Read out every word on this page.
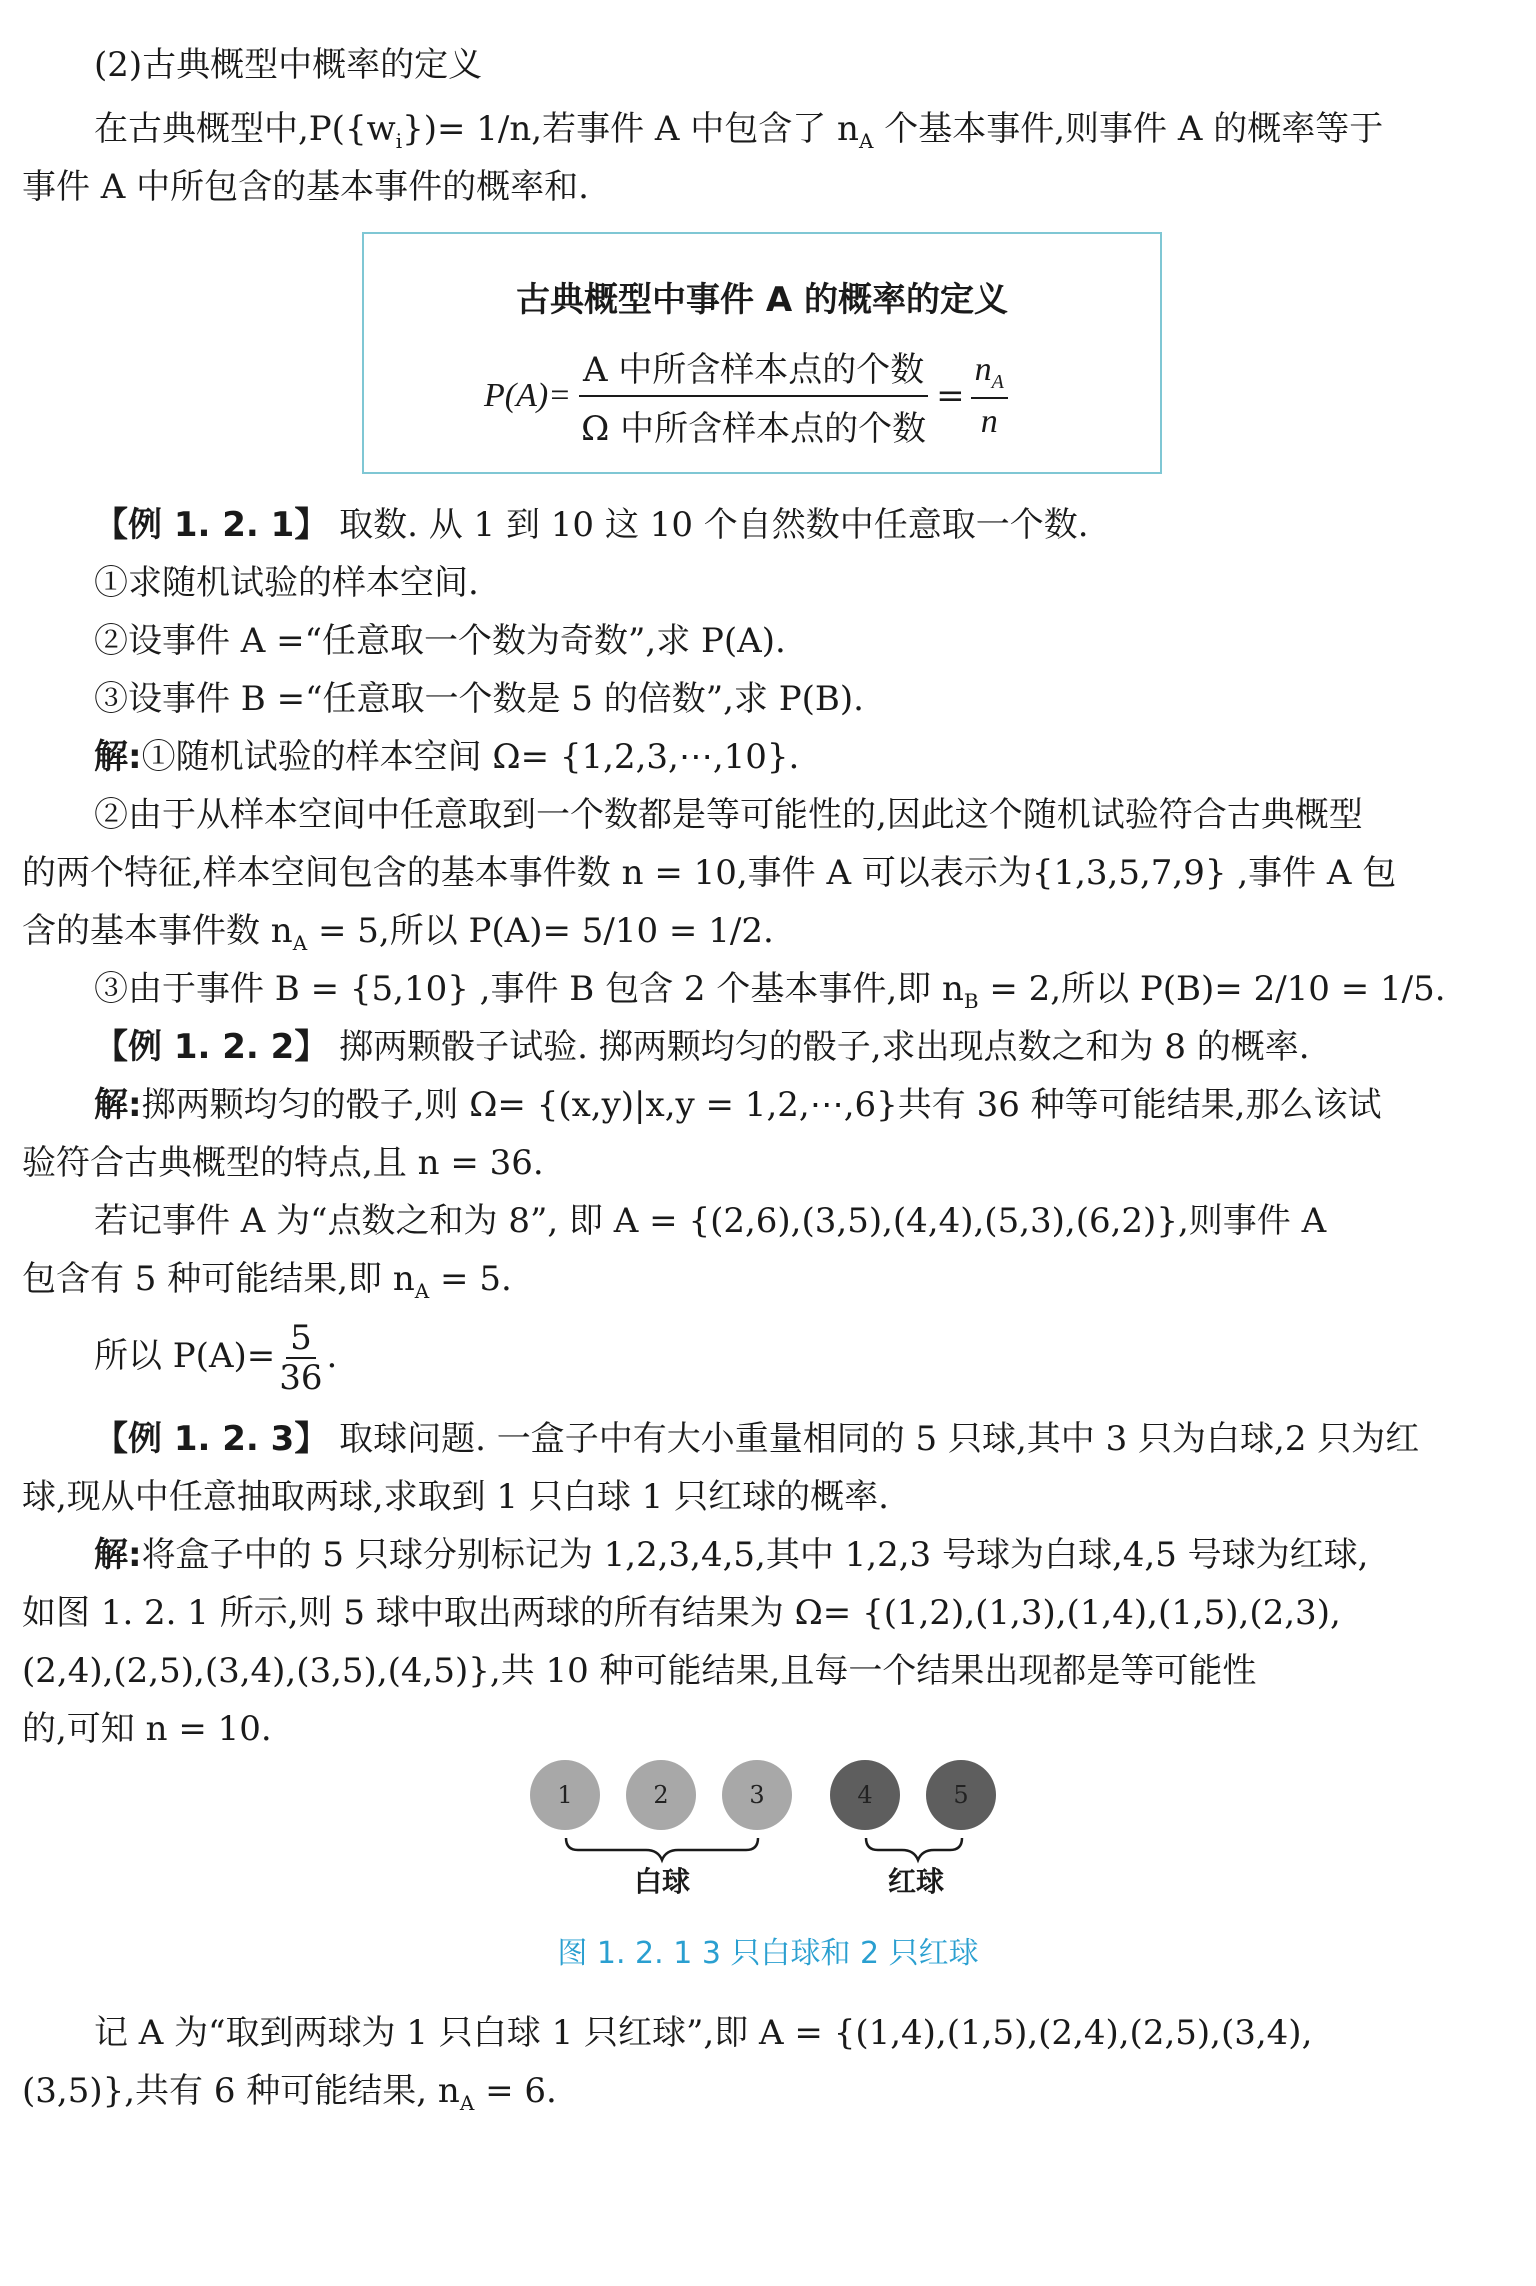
(2)古典概型中概率的定义

在古典概型中$,P(\{w_i\})= 1/n$,若事件 A 中包含了 $n_A$ 个基本事件,则事件 A 的概率等于

事件 A 中所包含的基本事件的概率和.

古典概型中事件 A 的概率的定义
$P(A)= \frac{\text{A 中所含样本点的个数}}{\text{Ω 中所含样本点的个数}} = \frac{n_A}{n}$

【例 1. 2. 1】 取数. 从 1 到 10 这 10 个自然数中任意取一个数.

①求随机试验的样本空间.

②设事件 A =“任意取一个数为奇数”,求 P(A).

③设事件 B =“任意取一个数是 5 的倍数”,求 P(B).

解:①随机试验的样本空间 Ω= {1,2,3,⋯,10}.

②由于从样本空间中任意取到一个数都是等可能性的,因此这个随机试验符合古典概型

的两个特征,样本空间包含的基本事件数 n = 10,事件 A 可以表示为{1,3,5,7,9} ,事件 A 包

含的基本事件数 $n_A = 5$,所以 P(A)= 5/10 = 1/2.

③由于事件 B = {5,10} ,事件 B 包含 2 个基本事件,即 $n_B = 2$,所以 P(B)= 2/10 = 1/5.

【例 1. 2. 2】 掷两颗骰子试验. 掷两颗均匀的骰子,求出现点数之和为 8 的概率.

解:掷两颗均匀的骰子,则 Ω= {(x,y)|x,y = 1,2,⋯,6}共有 36 种等可能结果,那么该试

验符合古典概型的特点,且 n = 36.

若记事件 A 为“点数之和为 8”, 即 A = {(2,6),(3,5),(4,4),(5,3),(6,2)},则事件 A

包含有 5 种可能结果,即 $n_A = 5$.

所以 $P(A)= \frac{5}{36}$ .

【例 1. 2. 3】 取球问题. 一盒子中有大小重量相同的 5 只球,其中 3 只为白球,2 只为红

球,现从中任意抽取两球,求取到 1 只白球 1 只红球的概率.

解:将盒子中的 5 只球分别标记为 1,2,3,4,5,其中 1,2,3 号球为白球,4,5 号球为红球,

如图 1. 2. 1 所示,则 5 球中取出两球的所有结果为 Ω= {(1,2),(1,3),(1,4),(1,5),(2,3),

(2,4),(2,5),(3,4),(3,5),(4,5)},共 10 种可能结果,且每一个结果出现都是等可能性

的,可知 n = 10.

1	2	3	4	5
白球	红球
图 1. 2. 1 3 只白球和 2 只红球

记 A 为“取到两球为 1 只白球 1 只红球”,即 A = {(1,4),(1,5),(2,4),(2,5),(3,4),

(3,5)},共有 6 种可能结果, $n_A = 6$.
